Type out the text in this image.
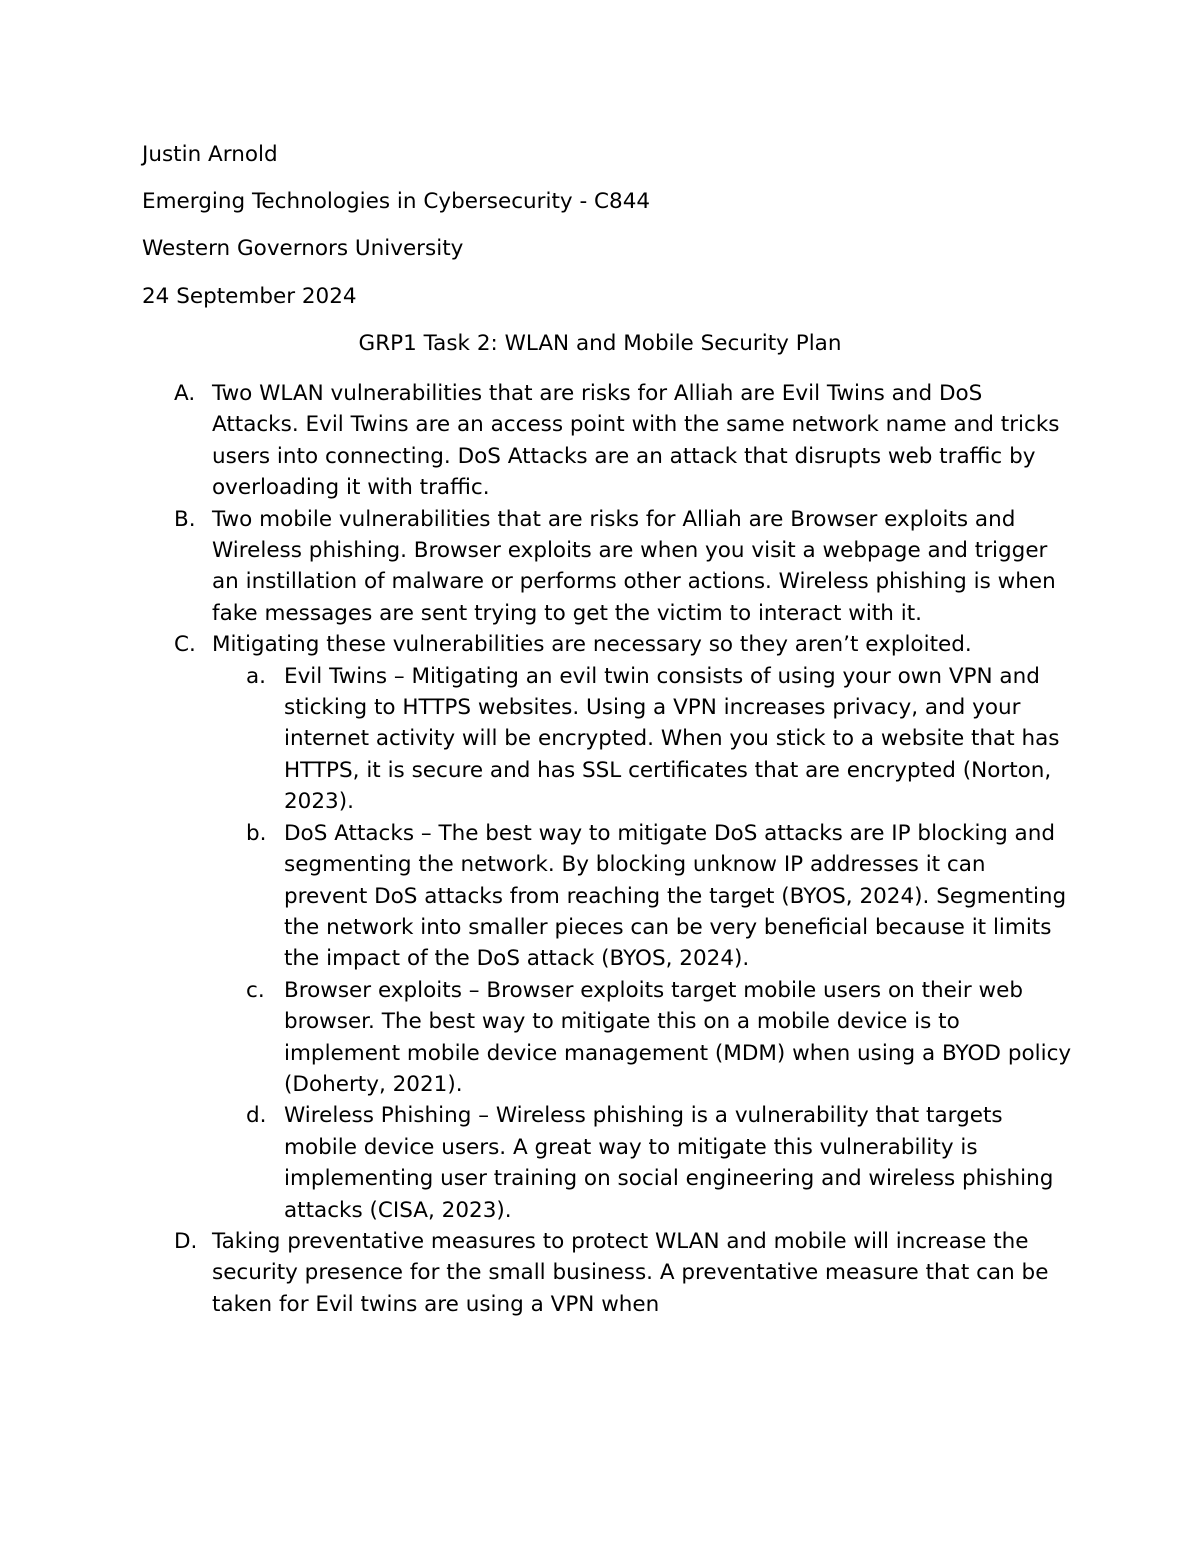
Justin Arnold
Emerging Technologies in Cybersecurity - C844
Western Governors University
24 September 2024
GRP1 Task 2: WLAN and Mobile Security Plan
A. Two WLAN vulnerabilities that are risks for Alliah are Evil Twins and DoS Attacks. Evil Twins are an access point with the same network name and tricks users into connecting. DoS Attacks are an attack that disrupts web traffic by overloading it with traffic.
B. Two mobile vulnerabilities that are risks for Alliah are Browser exploits and Wireless phishing. Browser exploits are when you visit a webpage and trigger an instillation of malware or performs other actions. Wireless phishing is when fake messages are sent trying to get the victim to interact with it.
C. Mitigating these vulnerabilities are necessary so they aren’t exploited.
a. Evil Twins – Mitigating an evil twin consists of using your own VPN and sticking to HTTPS websites. Using a VPN increases privacy, and your internet activity will be encrypted. When you stick to a website that has HTTPS, it is secure and has SSL certificates that are encrypted (Norton, 2023).
b. DoS Attacks – The best way to mitigate DoS attacks are IP blocking and segmenting the network. By blocking unknow IP addresses it can prevent DoS attacks from reaching the target (BYOS, 2024). Segmenting the network into smaller pieces can be very beneficial because it limits the impact of the DoS attack (BYOS, 2024).
c. Browser exploits – Browser exploits target mobile users on their web browser. The best way to mitigate this on a mobile device is to implement mobile device management (MDM) when using a BYOD policy (Doherty, 2021).
d. Wireless Phishing – Wireless phishing is a vulnerability that targets mobile device users. A great way to mitigate this vulnerability is implementing user training on social engineering and wireless phishing attacks (CISA, 2023).
D. Taking preventative measures to protect WLAN and mobile will increase the security presence for the small business. A preventative measure that can be taken for Evil twins are using a VPN when
